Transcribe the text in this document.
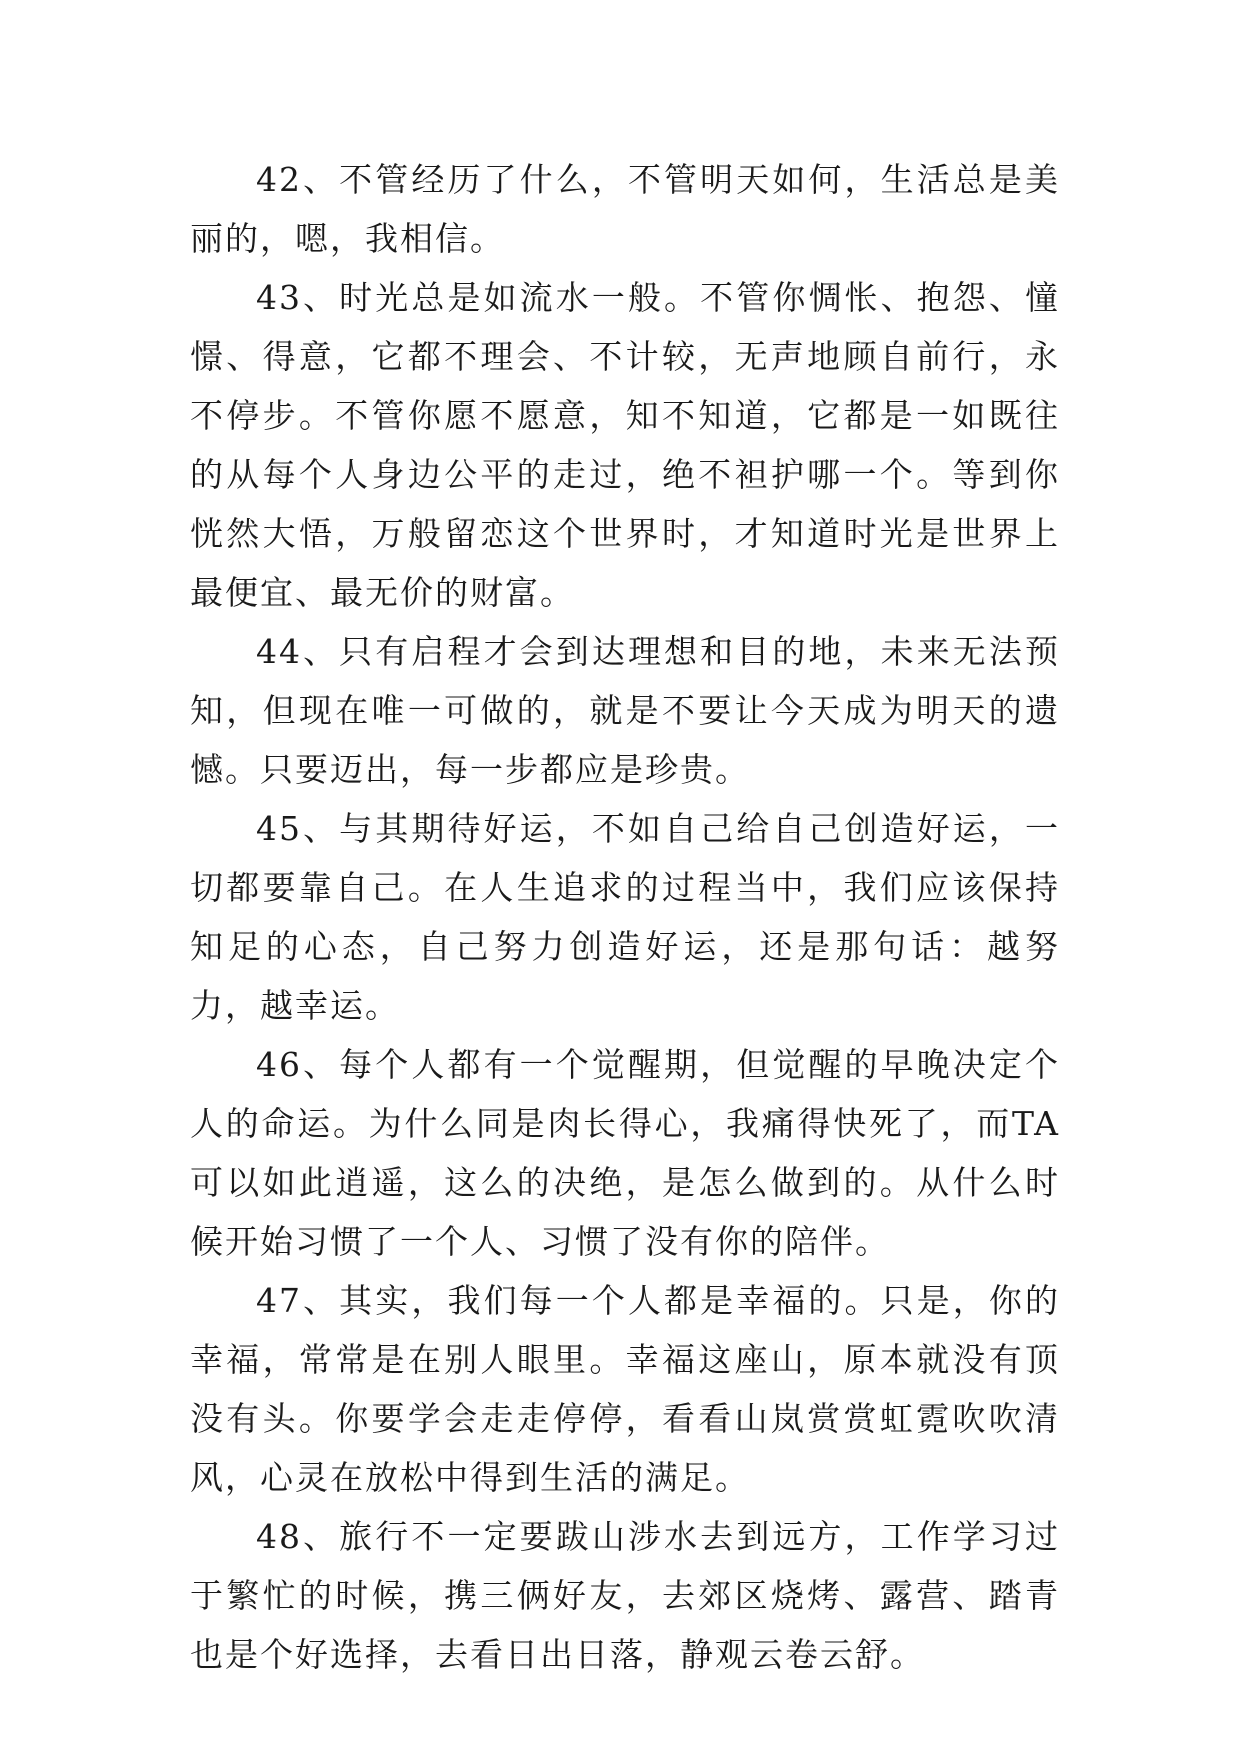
42、不管经历了什么，不管明天如何，生活总是美丽的，嗯，我相信。

43、时光总是如流水一般。不管你惆怅、抱怨、憧憬、得意，它都不理会、不计较，无声地顾自前行，永不停步。不管你愿不愿意，知不知道，它都是一如既往的从每个人身边公平的走过，绝不袒护哪一个。等到你恍然大悟，万般留恋这个世界时，才知道时光是世界上最便宜、最无价的财富。

44、只有启程才会到达理想和目的地，未来无法预知，但现在唯一可做的，就是不要让今天成为明天的遗憾。只要迈出，每一步都应是珍贵。

45、与其期待好运，不如自己给自己创造好运，一切都要靠自己。在人生追求的过程当中，我们应该保持知足的心态，自己努力创造好运，还是那句话：越努力，越幸运。

46、每个人都有一个觉醒期，但觉醒的早晚决定个人的命运。为什么同是肉长得心，我痛得快死了，而TA可以如此逍遥，这么的决绝，是怎么做到的。从什么时候开始习惯了一个人、习惯了没有你的陪伴。

47、其实，我们每一个人都是幸福的。只是，你的幸福，常常是在别人眼里。幸福这座山，原本就没有顶没有头。你要学会走走停停，看看山岚赏赏虹霓吹吹清风，心灵在放松中得到生活的满足。

48、旅行不一定要跋山涉水去到远方，工作学习过于繁忙的时候，携三俩好友，去郊区烧烤、露营、踏青也是个好选择，去看日出日落，静观云卷云舒。
